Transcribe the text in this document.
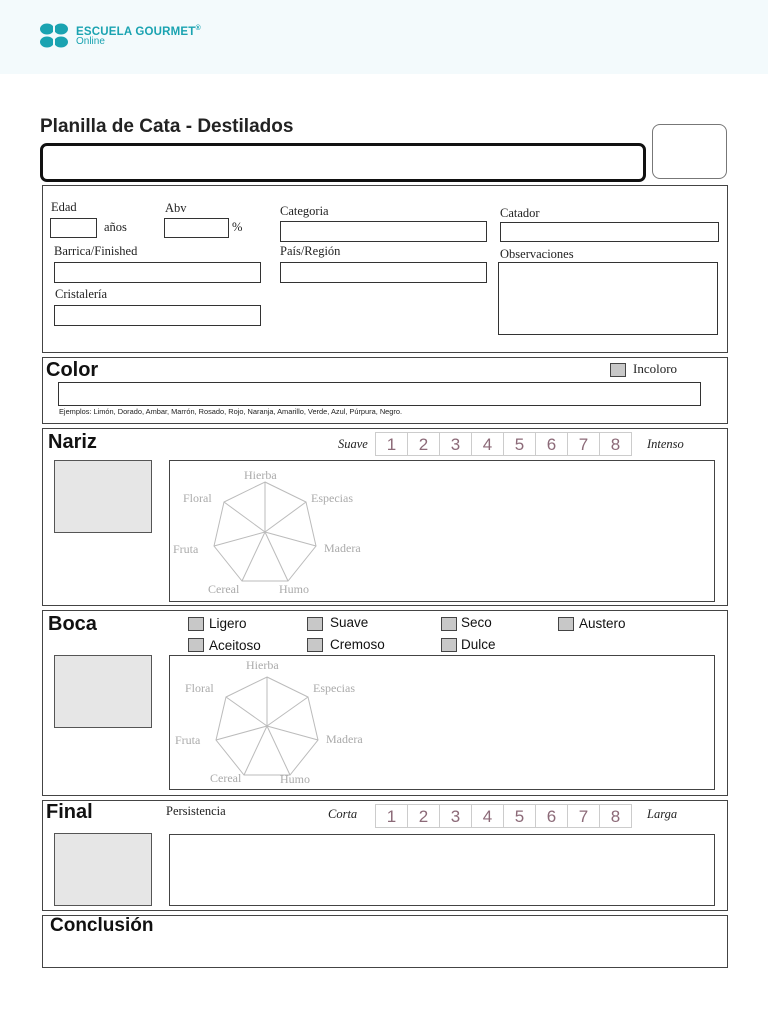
ESCUELA GOURMET®
Online
Planilla de Cata - Destilados
Edad
años
Abv
%
Categoria	Catador
Barrica/Finished	País/Región	Observaciones
Cristalería
Color	Incoloro
Ejemplos: Limón, Dorado, Ambar, Marrón, Rosado, Rojo, Naranja, Amarillo, Verde, Azul, Púrpura, Negro.
Nariz	Suave	1	2	3	4	5	6	7	8	Intenso
Hierba
Especias
Madera
Humo
Cereal
Fruta
Floral
Boca	Ligero	Suave	Seco	Austero
Aceitoso	Cremoso	Dulce
Hierba
Especias
Madera
Humo
Cereal
Fruta
Floral
Final	Persistencia	Corta	1	2	3	4	5	6	7	8	Larga
Conclusión
